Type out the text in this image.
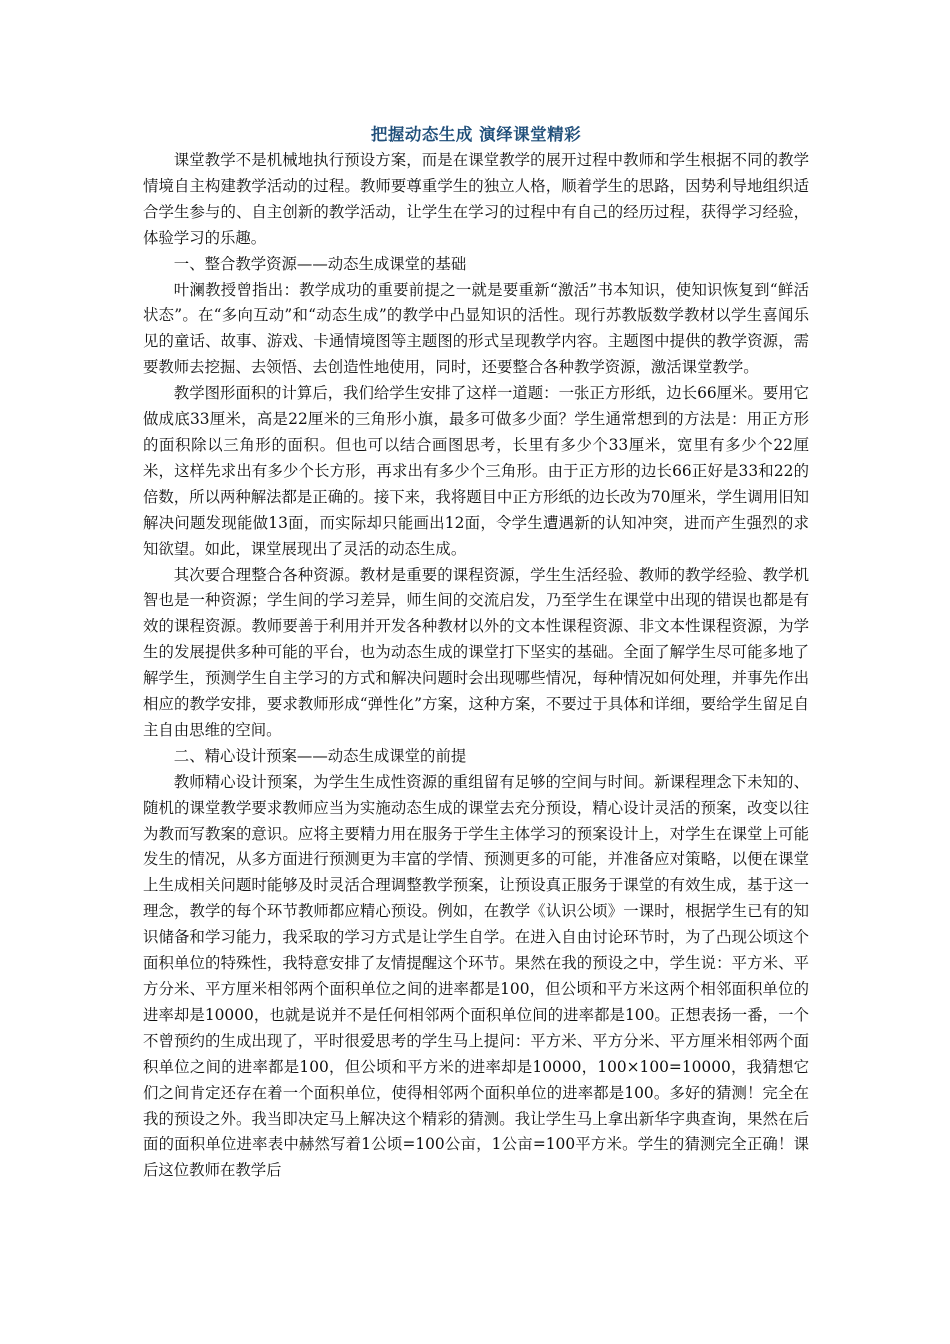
把握动态生成 演绎课堂精彩

课堂教学不是机械地执行预设方案，而是在课堂教学的展开过程中教师和学生根据不同的教学情境自主构建教学活动的过程。教师要尊重学生的独立人格，顺着学生的思路，因势利导地组织适合学生参与的、自主创新的教学活动，让学生在学习的过程中有自己的经历过程，获得学习经验，体验学习的乐趣。

一、整合教学资源——动态生成课堂的基础

叶澜教授曾指出：教学成功的重要前提之一就是要重新“激活”书本知识，使知识恢复到“鲜活状态”。在“多向互动”和“动态生成”的教学中凸显知识的活性。现行苏教版数学教材以学生喜闻乐见的童话、故事、游戏、卡通情境图等主题图的形式呈现教学内容。主题图中提供的教学资源，需要教师去挖掘、去领悟、去创造性地使用，同时，还要整合各种教学资源，激活课堂教学。

教学图形面积的计算后，我们给学生安排了这样一道题：一张正方形纸，边长66厘米。要用它做成底33厘米，高是22厘米的三角形小旗，最多可做多少面？学生通常想到的方法是：用正方形的面积除以三角形的面积。但也可以结合画图思考，长里有多少个33厘米，宽里有多少个22厘米，这样先求出有多少个长方形，再求出有多少个三角形。由于正方形的边长66正好是33和22的倍数，所以两种解法都是正确的。接下来，我将题目中正方形纸的边长改为70厘米，学生调用旧知解决问题发现能做13面，而实际却只能画出12面，令学生遭遇新的认知冲突，进而产生强烈的求知欲望。如此，课堂展现出了灵活的动态生成。

其次要合理整合各种资源。教材是重要的课程资源，学生生活经验、教师的教学经验、教学机智也是一种资源；学生间的学习差异，师生间的交流启发，乃至学生在课堂中出现的错误也都是有效的课程资源。教师要善于利用并开发各种教材以外的文本性课程资源、非文本性课程资源，为学生的发展提供多种可能的平台，也为动态生成的课堂打下坚实的基础。全面了解学生尽可能多地了解学生，预测学生自主学习的方式和解决问题时会出现哪些情况，每种情况如何处理，并事先作出相应的教学安排，要求教师形成“弹性化”方案，这种方案，不要过于具体和详细，要给学生留足自主自由思维的空间。

二、精心设计预案——动态生成课堂的前提

教师精心设计预案，为学生生成性资源的重组留有足够的空间与时间。新课程理念下未知的、随机的课堂教学要求教师应当为实施动态生成的课堂去充分预设，精心设计灵活的预案，改变以往为教而写教案的意识。应将主要精力用在服务于学生主体学习的预案设计上，对学生在课堂上可能发生的情况，从多方面进行预测更为丰富的学情、预测更多的可能，并准备应对策略，以便在课堂上生成相关问题时能够及时灵活合理调整教学预案，让预设真正服务于课堂的有效生成，基于这一理念，教学的每个环节教师都应精心预设。例如，在教学《认识公顷》一课时，根据学生已有的知识储备和学习能力，我采取的学习方式是让学生自学。在进入自由讨论环节时，为了凸现公顷这个面积单位的特殊性，我特意安排了友情提醒这个环节。果然在我的预设之中，学生说：平方米、平方分米、平方厘米相邻两个面积单位之间的进率都是100，但公顷和平方米这两个相邻面积单位的进率却是10000，也就是说并不是任何相邻两个面积单位间的进率都是100。正想表扬一番，一个不曾预约的生成出现了，平时很爱思考的学生马上提问：平方米、平方分米、平方厘米相邻两个面积单位之间的进率都是100，但公顷和平方米的进率却是10000，100×100=10000，我猜想它们之间肯定还存在着一个面积单位，使得相邻两个面积单位的进率都是100。多好的猜测！完全在我的预设之外。我当即决定马上解决这个精彩的猜测。我让学生马上拿出新华字典查询，果然在后面的面积单位进率表中赫然写着1公顷=100公亩，1公亩=100平方米。学生的猜测完全正确！课后这位教师在教学后
